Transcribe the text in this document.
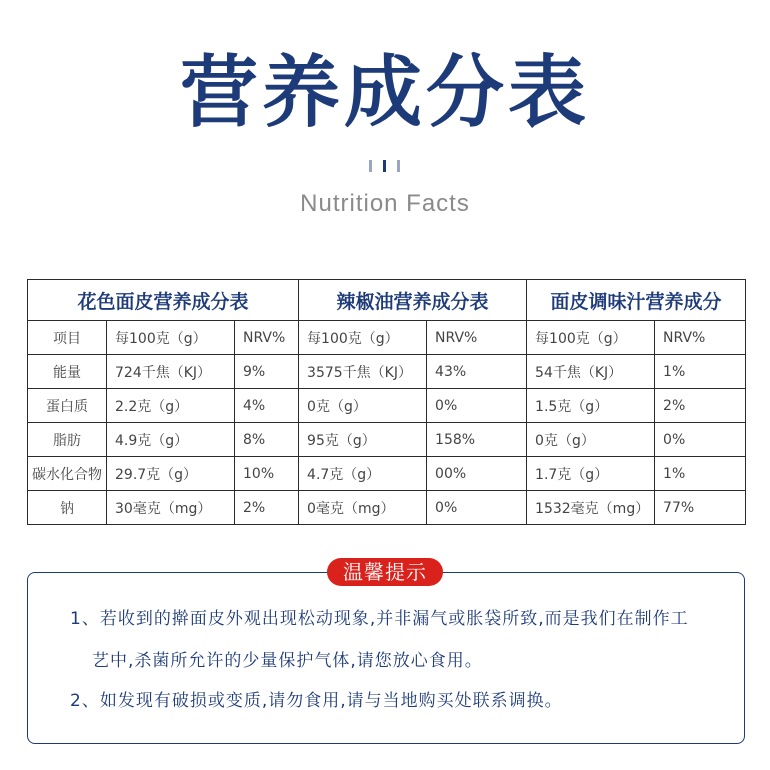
营养成分表
Nutrition Facts
花色面皮营养成分表			辣椒油营养成分表		面皮调味汁营养成分	
项目	每100克（g）	NRV%	每100克（g）	NRV%	每100克（g）	NRV%
能量	724千焦（KJ）	9%	3575千焦（KJ）	43%	54千焦（KJ）	1%
蛋白质	2.2克（g）	4%	0克（g）	0%	1.5克（g）	2%
脂肪	4.9克（g）	8%	95克（g）	158%	0克（g）	0%
碳水化合物	29.7克（g）	10%	4.7克（g）	00%	1.7克（g）	1%
钠	30毫克（mg）	2%	0毫克（mg）	0%	1532毫克（mg）	77%
温馨提示
1、若收到的擀面皮外观出现松动现象,并非漏气或胀袋所致,而是我们在制作工
艺中,杀菌所允许的少量保护气体,请您放心食用。
2、如发现有破损或变质,请勿食用,请与当地购买处联系调换。
